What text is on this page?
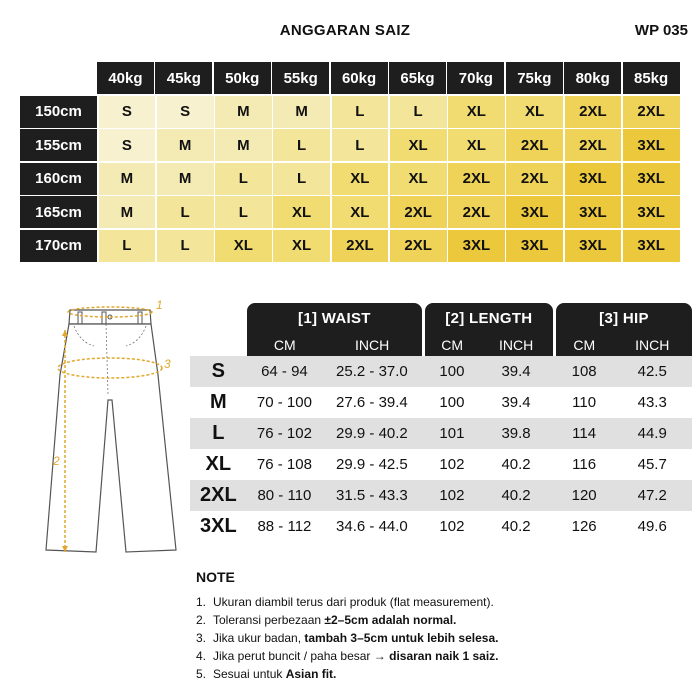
ANGGARAN SAIZ	WP 035
40kg	45kg	50kg	55kg	60kg	65kg	70kg	75kg	80kg	85kg
150cm	S	S	M	M	L	L	XL	XL	2XL	2XL
155cm	S	M	M	L	L	XL	XL	2XL	2XL	3XL
160cm	M	M	L	L	XL	XL	2XL	2XL	3XL	3XL
165cm	M	L	L	XL	XL	2XL	2XL	3XL	3XL	3XL
170cm	L	L	XL	XL	2XL	2XL	3XL	3XL	3XL	3XL
1
2
3
[1] WAIST	[2] LENGTH	[3] HIP
CM	INCH	CM	INCH	CM	INCH
S	64 - 94	25.2 - 37.0	100	39.4	108	42.5
M	70 - 100	27.6 - 39.4	100	39.4	110	43.3
L	76 - 102	29.9 - 40.2	101	39.8	114	44.9
XL	76 - 108	29.9 - 42.5	102	40.2	116	45.7
2XL	80 - 110	31.5 - 43.3	102	40.2	120	47.2
3XL	88 - 112	34.6 - 44.0	102	40.2	126	49.6
NOTE
1. Ukuran diambil terus dari produk (flat measurement).
2. Toleransi perbezaan ±2–5cm adalah normal.
3. Jika ukur badan, tambah 3–5cm untuk lebih selesa.
4. Jika perut buncit / paha besar → disaran naik 1 saiz.
5. Sesuai untuk Asian fit.
